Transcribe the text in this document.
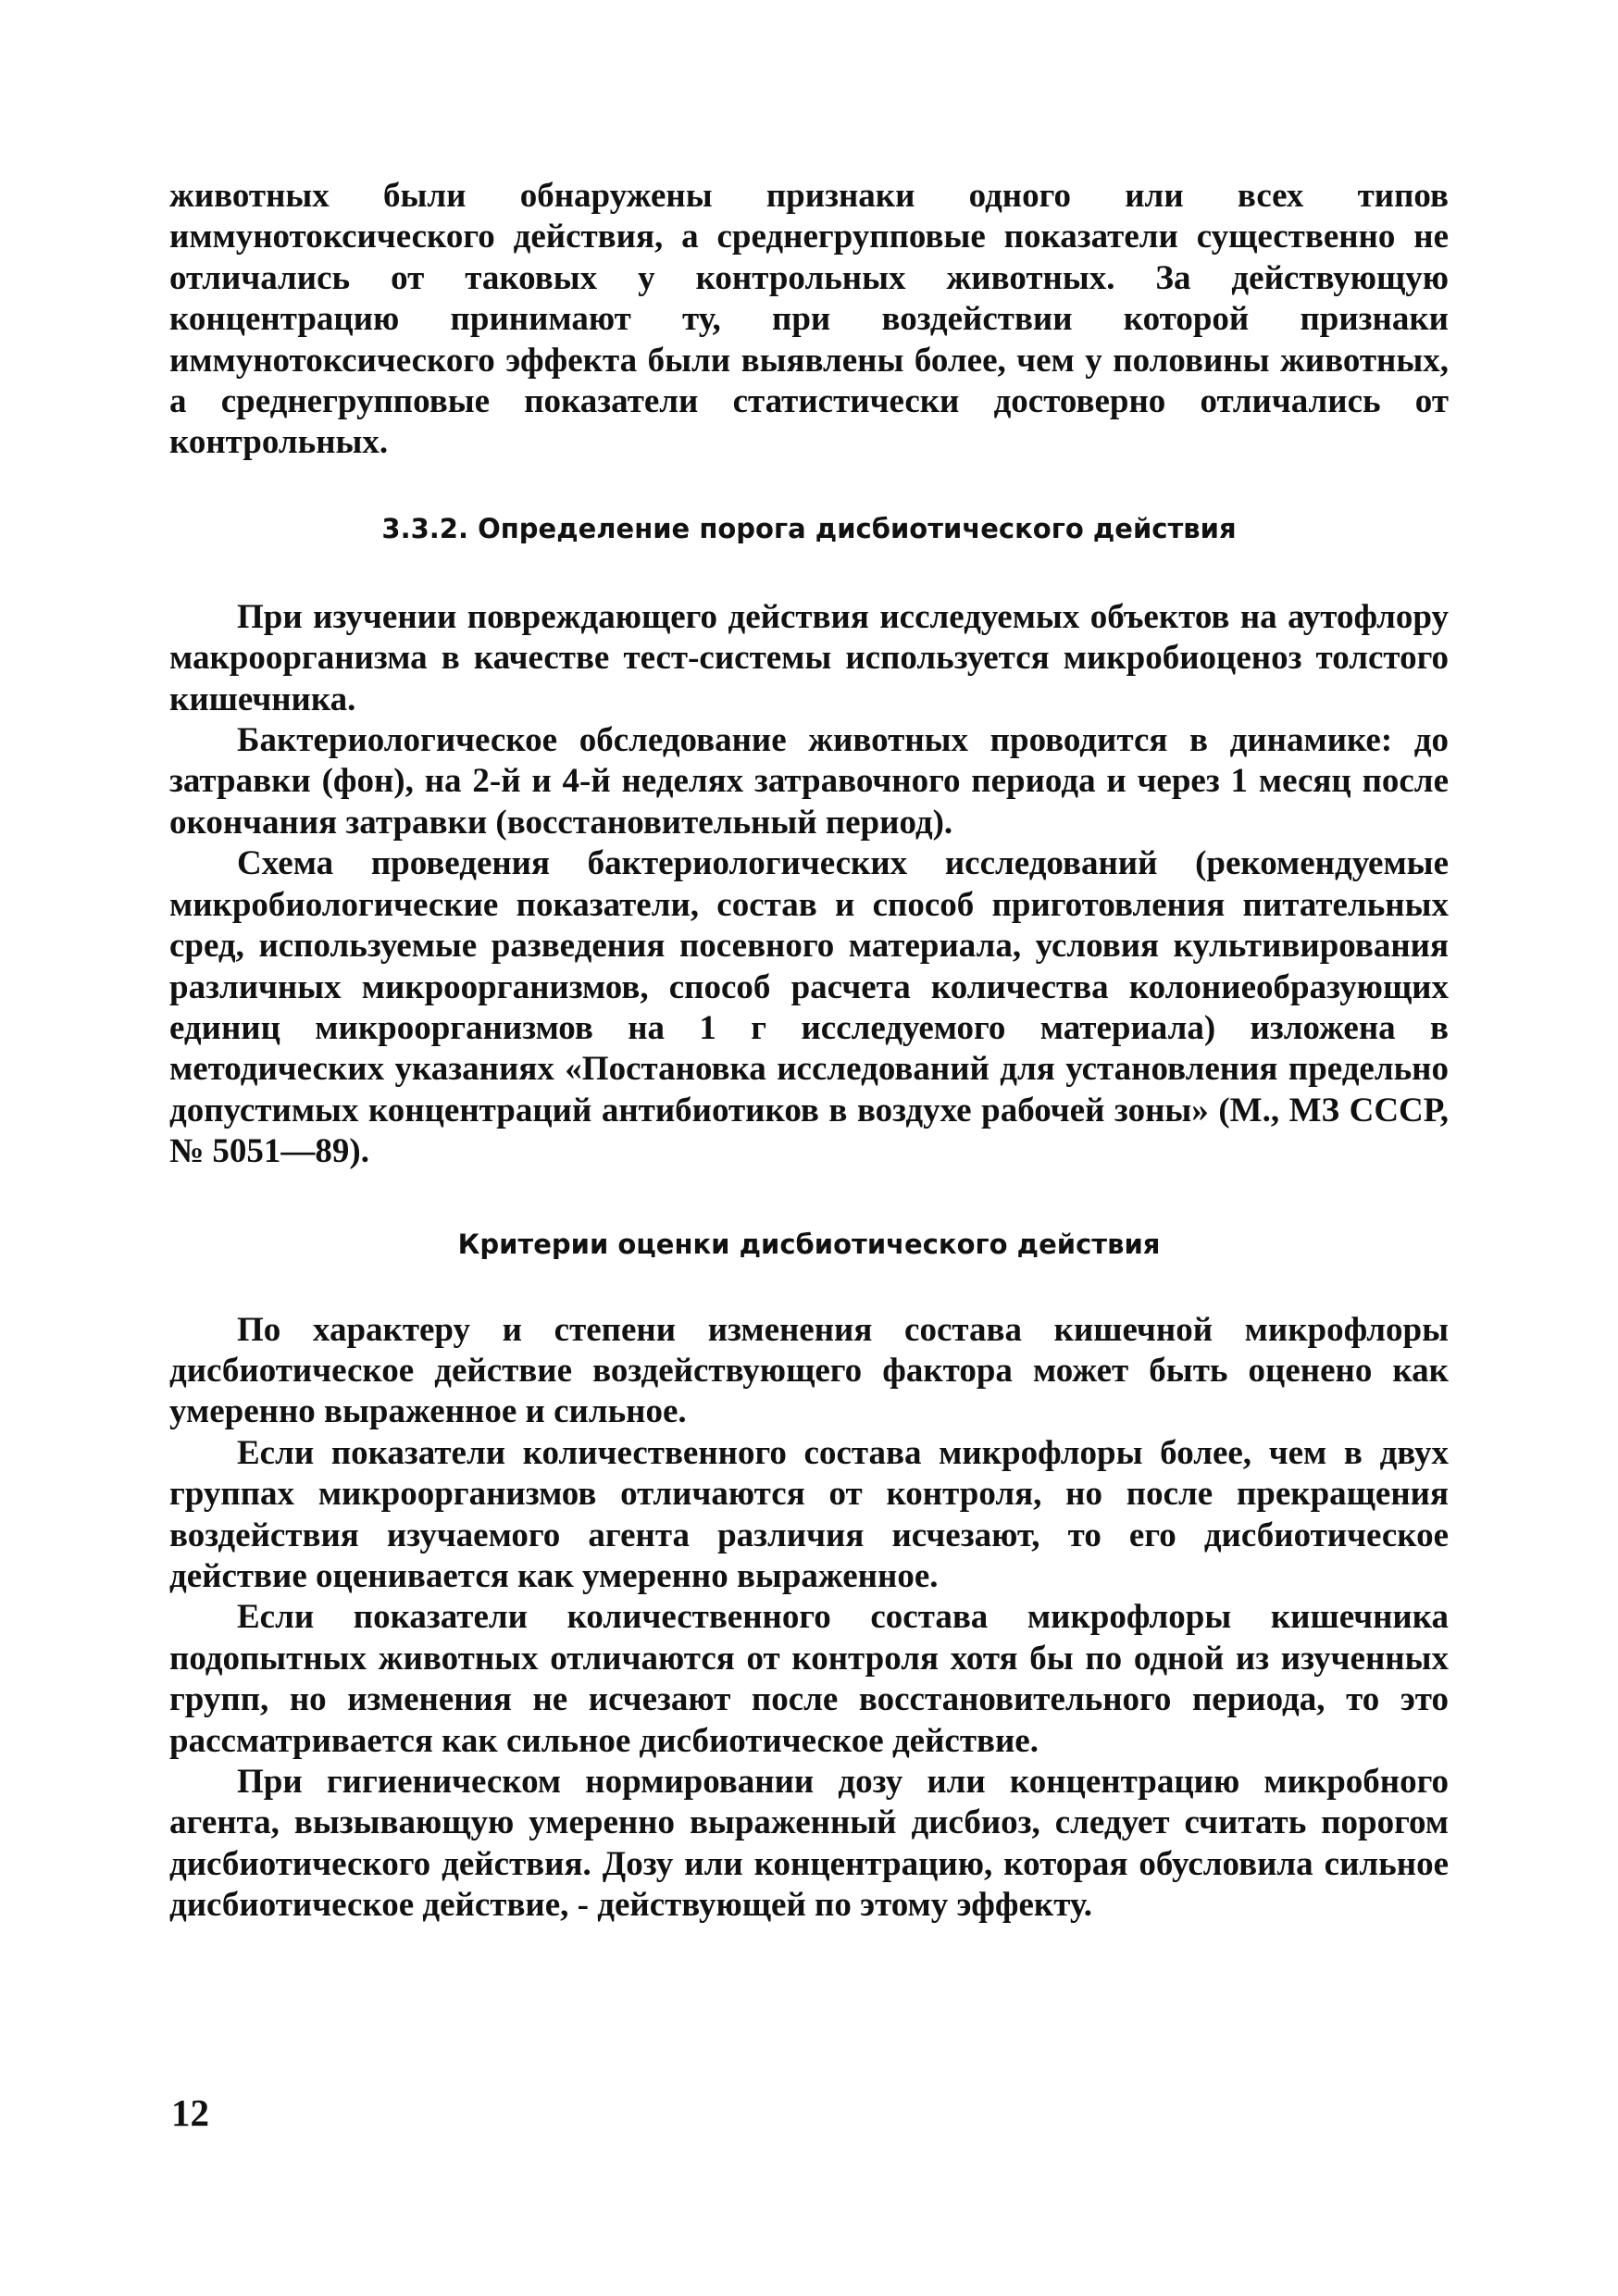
животных были обнаружены признаки одного или всех типов иммунотоксического действия, а среднегрупповые показатели существенно не отличались от таковых у контрольных животных. За действующую концентрацию принимают ту, при воздействии которой признаки иммунотоксического эффекта были выявлены более, чем у половины животных, а среднегрупповые показатели статистически достоверно отличались от контрольных.

3.3.2. Определение порога дисбиотического действия

При изучении повреждающего действия исследуемых объектов на аутофлору макроорганизма в качестве тест-системы используется микробиоценоз толстого кишечника.

Бактериологическое обследование животных проводится в динамике: до затравки (фон), на 2-й и 4-й неделях затравочного периода и через 1 месяц после окончания затравки (восстановительный период).

Схема проведения бактериологических исследований (рекомендуемые микробиологические показатели, состав и способ приготовления питательных сред, используемые разведения посевного материала, условия культивирования различных микроорганизмов, способ расчета количества колониеобразующих единиц микроорганизмов на 1 г исследуемого материала) изложена в методических указаниях «Постановка исследований для установления предельно допустимых концентраций антибиотиков в воздухе рабочей зоны» (М., МЗ СССР, № 5051—89).

Критерии оценки дисбиотического действия

По характеру и степени изменения состава кишечной микрофлоры дисбиотическое действие воздействующего фактора может быть оценено как умеренно выраженное и сильное.

Если показатели количественного состава микрофлоры более, чем в двух группах микроорганизмов отличаются от контроля, но после прекращения воздействия изучаемого агента различия исчезают, то его дисбиотическое действие оценивается как умеренно выраженное.

Если показатели количественного состава микрофлоры кишечника подопытных животных отличаются от контроля хотя бы по одной из изученных групп, но изменения не исчезают после восстановительного периода, то это рассматривается как сильное дисбиотическое действие.

При гигиеническом нормировании дозу или концентрацию микробного агента, вызывающую умеренно выраженный дисбиоз, следует считать порогом дисбиотического действия. Дозу или концентрацию, которая обусловила сильное дисбиотическое действие, - действующей по этому эффекту.

12
